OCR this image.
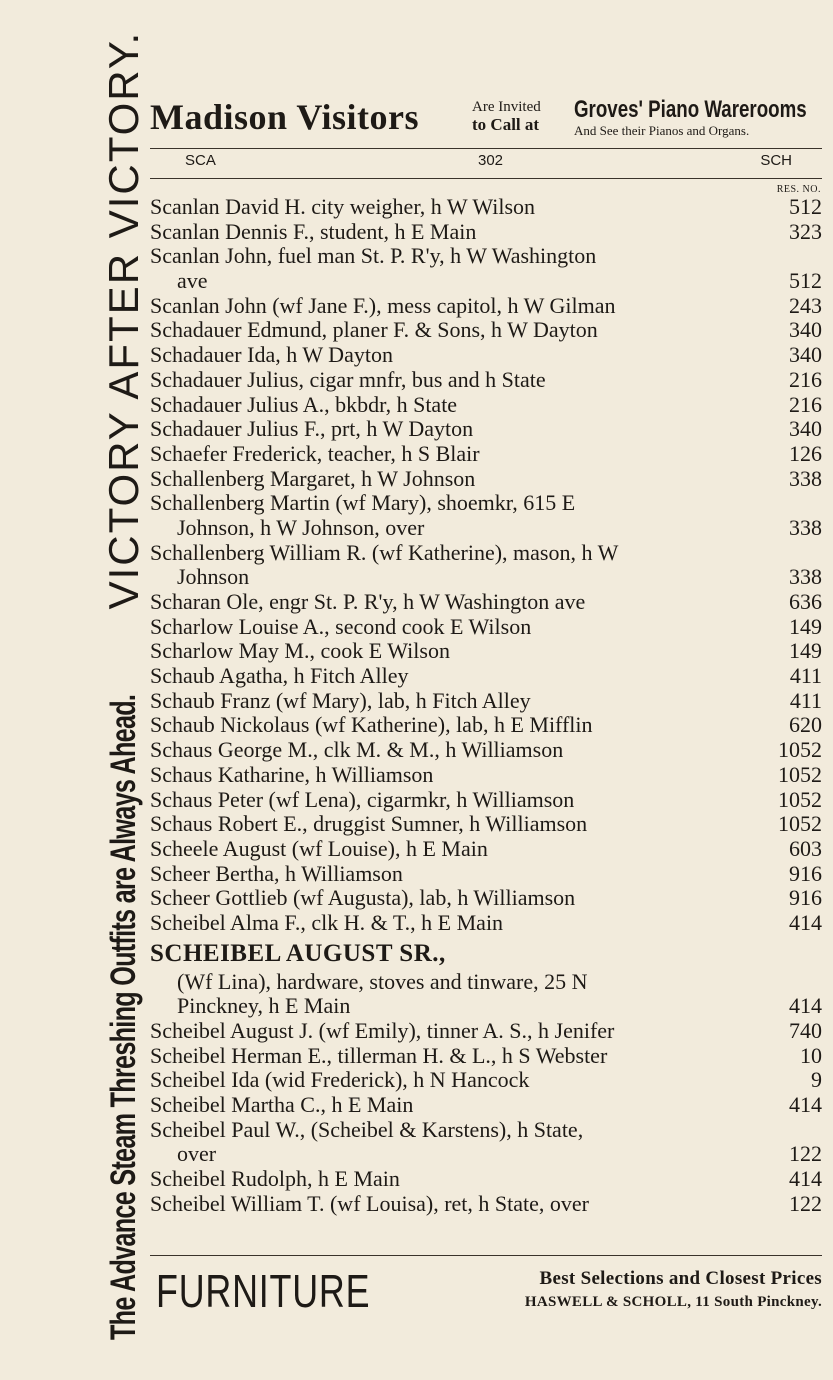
The Advance Steam Threshing Outfits are Always Ahead. VICTORY AFTER VICTORY. Madison Visitors	Are Invited
to Call at
Groves' Piano Warerooms
And See their Pianos and Organs.
SCA	302	SCH
RES. NO.
Scanlan David H. city weigher, h W Wilson	512
Scanlan Dennis F., student, h E Main	323
Scanlan John, fuel man St. P. R'y, h W Washington
ave	512
Scanlan John (wf Jane F.), mess capitol, h W Gilman	243
Schadauer Edmund, planer F. & Sons, h W Dayton	340
Schadauer Ida, h W Dayton	340
Schadauer Julius, cigar mnfr, bus and h State	216
Schadauer Julius A., bkbdr, h State	216
Schadauer Julius F., prt, h W Dayton	340
Schaefer Frederick, teacher, h S Blair	126
Schallenberg Margaret, h W Johnson	338
Schallenberg Martin (wf Mary), shoemkr, 615 E
Johnson, h W Johnson, over	338
Schallenberg William R. (wf Katherine), mason, h W
Johnson	338
Scharan Ole, engr St. P. R'y, h W Washington ave	636
Scharlow Louise A., second cook E Wilson	149
Scharlow May M., cook E Wilson	149
Schaub Agatha, h Fitch Alley	411
Schaub Franz (wf Mary), lab, h Fitch Alley	411
Schaub Nickolaus (wf Katherine), lab, h E Mifflin	620
Schaus George M., clk M. & M., h Williamson	1052
Schaus Katharine, h Williamson	1052
Schaus Peter (wf Lena), cigarmkr, h Williamson	1052
Schaus Robert E., druggist Sumner, h Williamson	1052
Scheele August (wf Louise), h E Main	603
Scheer Bertha, h Williamson	916
Scheer Gottlieb (wf Augusta), lab, h Williamson	916
Scheibel Alma F., clk H. & T., h E Main	414
SCHEIBEL AUGUST SR.,
(Wf Lina), hardware, stoves and tinware, 25 N
Pinckney, h E Main	414
Scheibel August J. (wf Emily), tinner A. S., h Jenifer	740
Scheibel Herman E., tillerman H. & L., h S Webster	10
Scheibel Ida (wid Frederick), h N Hancock	9
Scheibel Martha C., h E Main	414
Scheibel Paul W., (Scheibel & Karstens), h State,
over	122
Scheibel Rudolph, h E Main	414
Scheibel William T. (wf Louisa), ret, h State, over	122
FURNITURE	Best Selections and Closest Prices
HASWELL & SCHOLL, 11 South Pinckney.
